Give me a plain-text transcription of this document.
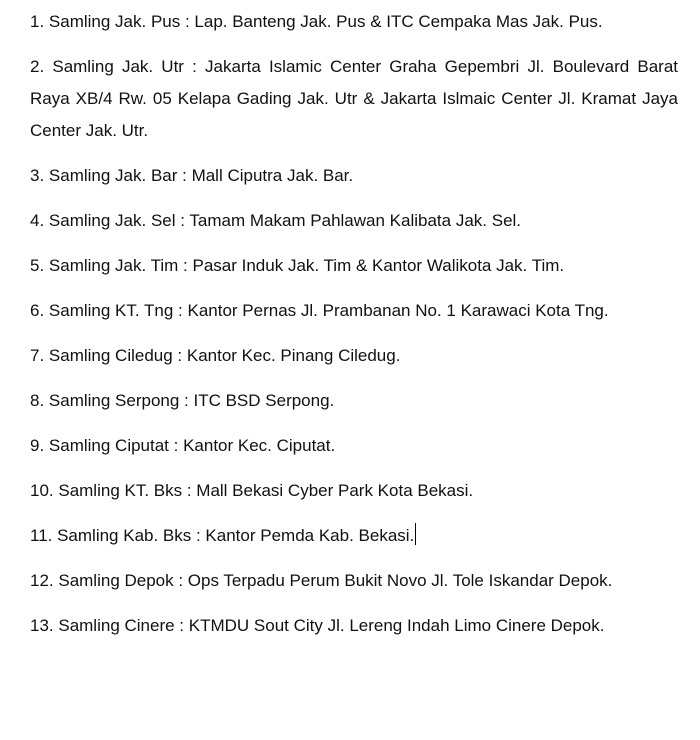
1. Samling Jak. Pus : Lap. Banteng Jak. Pus & ITC Cempaka Mas Jak. Pus.

2. Samling Jak. Utr : Jakarta Islamic Center Graha Gepembri Jl. Boulevard Barat Raya XB/4 Rw. 05 Kelapa Gading Jak. Utr & Jakarta Islmaic Center Jl. Kramat Jaya Center Jak. Utr.

3. Samling Jak. Bar : Mall Ciputra Jak. Bar.

4. Samling Jak. Sel : Tamam Makam Pahlawan Kalibata Jak. Sel.

5. Samling Jak. Tim : Pasar Induk Jak. Tim & Kantor Walikota Jak. Tim.

6. Samling KT. Tng : Kantor Pernas Jl. Prambanan No. 1 Karawaci Kota Tng.

7. Samling Ciledug : Kantor Kec. Pinang Ciledug.

8. Samling Serpong : ITC BSD Serpong.

9. Samling Ciputat : Kantor Kec. Ciputat.

10. Samling KT. Bks : Mall Bekasi Cyber Park Kota Bekasi.

11. Samling Kab. Bks : Kantor Pemda Kab. Bekasi.

12. Samling Depok : Ops Terpadu Perum Bukit Novo Jl. Tole Iskandar Depok.

13. Samling Cinere : KTMDU Sout City Jl. Lereng Indah Limo Cinere Depok.
